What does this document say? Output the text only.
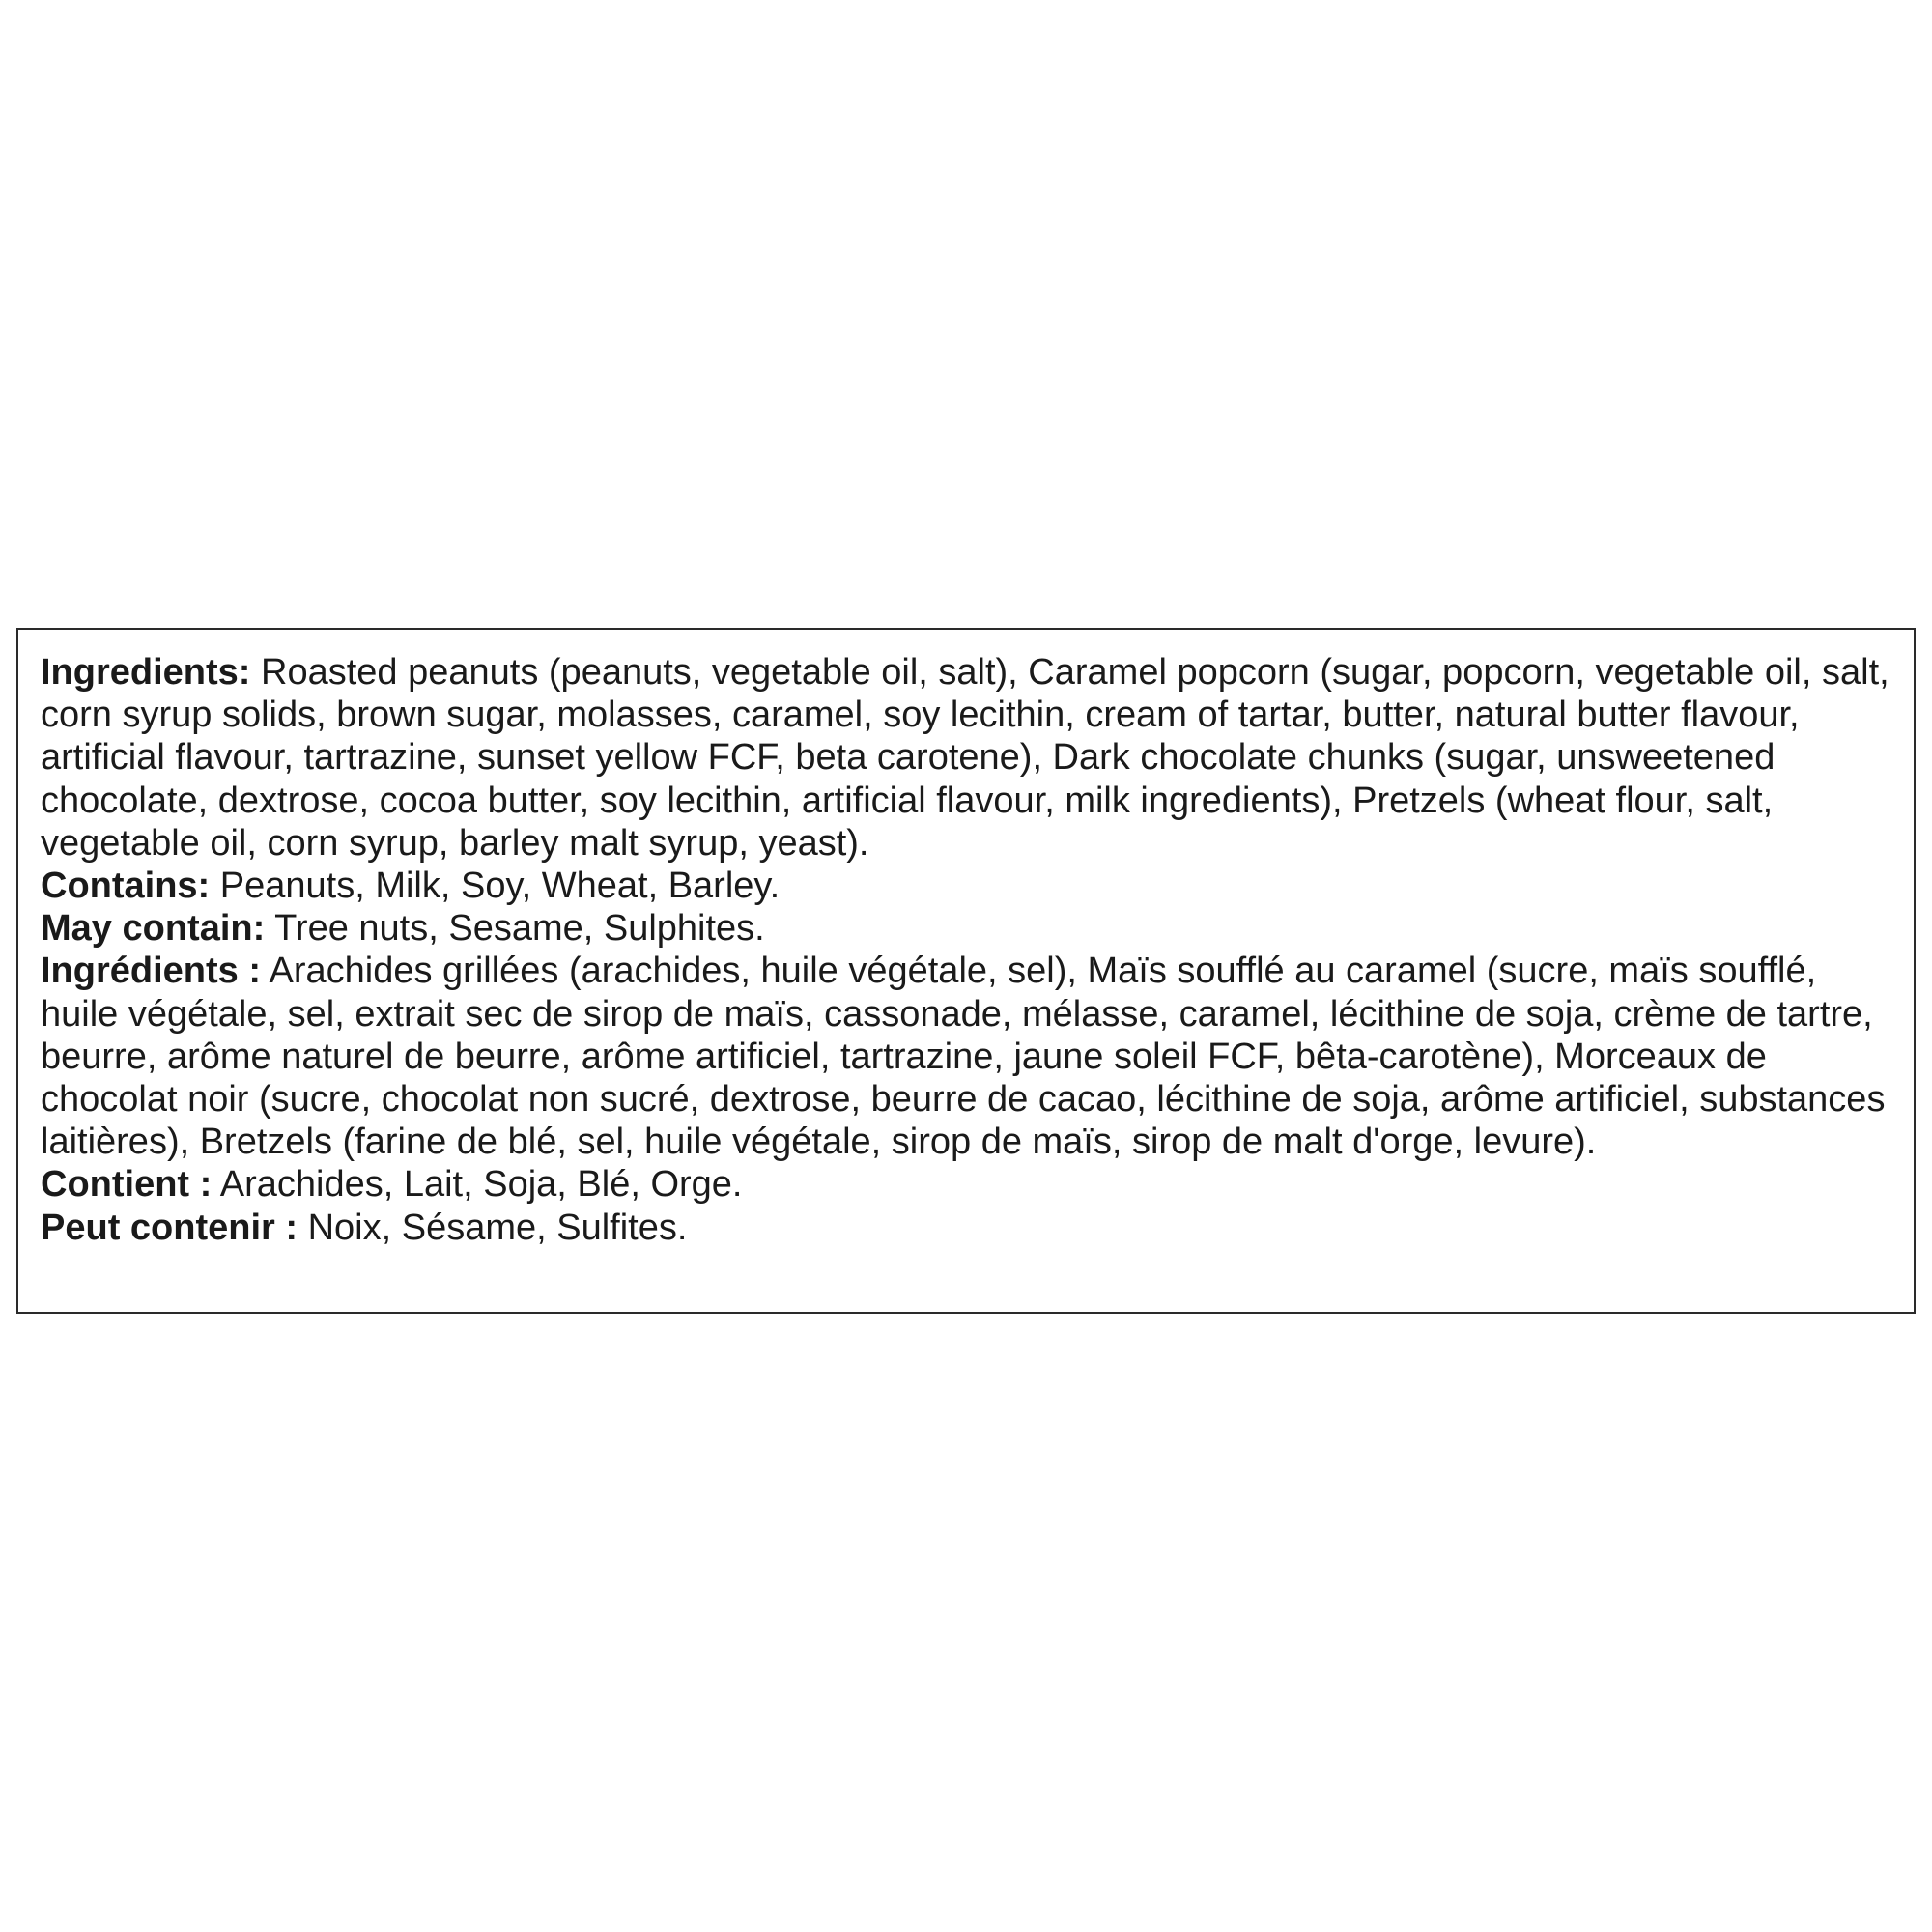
Ingredients: Roasted peanuts (peanuts, vegetable oil, salt), Caramel popcorn (sugar, popcorn, vegetable oil, salt, corn syrup solids, brown sugar, molasses, caramel, soy lecithin, cream of tartar, butter, natural butter flavour, artificial flavour, tartrazine, sunset yellow FCF, beta carotene), Dark chocolate chunks (sugar, unsweetened chocolate, dextrose, cocoa butter, soy lecithin, artificial flavour, milk ingredients), Pretzels (wheat flour, salt, vegetable oil, corn syrup, barley malt syrup, yeast).

Contains: Peanuts, Milk, Soy, Wheat, Barley.

May contain: Tree nuts, Sesame, Sulphites.

Ingrédients : Arachides grillées (arachides, huile végétale, sel), Maïs soufflé au caramel (sucre, maïs soufflé, huile végétale, sel, extrait sec de sirop de maïs, cassonade, mélasse, caramel, lécithine de soja, crème de tartre, beurre, arôme naturel de beurre, arôme artificiel, tartrazine, jaune soleil FCF, bêta-carotène), Morceaux de chocolat noir (sucre, chocolat non sucré, dextrose, beurre de cacao, lécithine de soja, arôme artificiel, substances laitières), Bretzels (farine de blé, sel, huile végétale, sirop de maïs, sirop de malt d'orge, levure).

Contient : Arachides, Lait, Soja, Blé, Orge.

Peut contenir : Noix, Sésame, Sulfites.
